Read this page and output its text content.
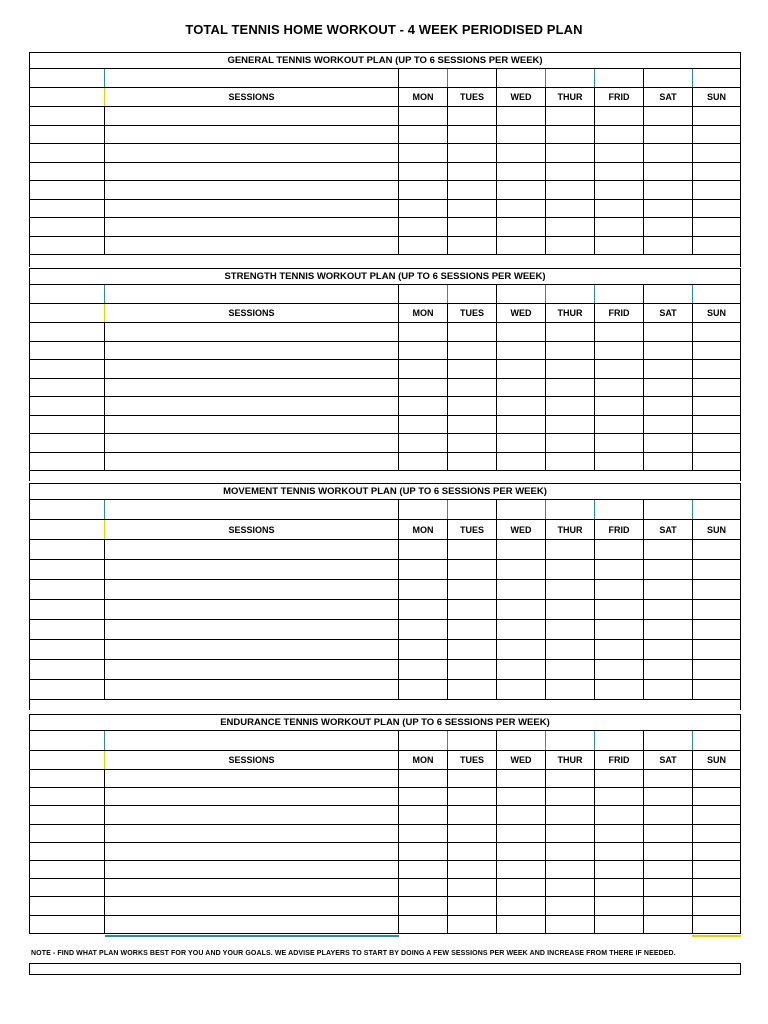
TOTAL TENNIS HOME WORKOUT - 4 WEEK PERIODISED PLAN
GENERAL TENNIS WORKOUT PLAN (UP TO 6 SESSIONS PER WEEK)
SESSIONS	MON	TUES	WED	THUR	FRID	SAT	SUN
STRENGTH TENNIS WORKOUT PLAN (UP TO 6 SESSIONS PER WEEK)
SESSIONS	MON	TUES	WED	THUR	FRID	SAT	SUN
MOVEMENT TENNIS WORKOUT PLAN (UP TO 6 SESSIONS PER WEEK)
SESSIONS	MON	TUES	WED	THUR	FRID	SAT	SUN
ENDURANCE TENNIS WORKOUT PLAN (UP TO 6 SESSIONS PER WEEK)
SESSIONS	MON	TUES	WED	THUR	FRID	SAT	SUN
NOTE - FIND WHAT PLAN WORKS BEST FOR YOU AND YOUR GOALS. WE ADVISE PLAYERS TO START BY DOING A FEW SESSIONS PER WEEK AND INCREASE FROM THERE IF NEEDED.
